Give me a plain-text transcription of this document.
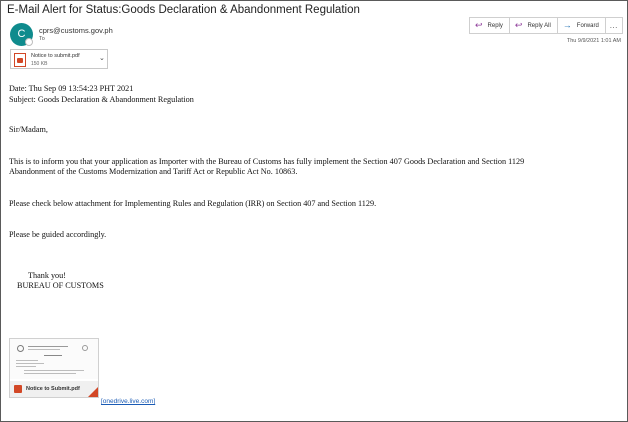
E-Mail Alert for Status:Goods Declaration & Abandonment Regulation
C	cprs@customs.gov.ph
To
↩ Reply ↩ Reply All → Forward ...
Thu 9/9/2021 1:01 AM
Notice to submit.pdf
150 KB
⌄
Date: Thu Sep 09 13:54:23 PHT 2021
Subject: Goods Declaration & Abandonment Regulation
Sir/Madam,
This is to inform you that your application as Importer with the Bureau of Customs has fully implement the Section 407 Goods Declaration and Section 1129
Abandonment of the Customs Modernization and Tariff Act or Republic Act No. 10863.
Please check below attachment for Implementing Rules and Regulation (IRR) on Section 407 and Section 1129.
Please be guided accordingly.
Thank you!
BUREAU OF CUSTOMS
Notice to Submit.pdf
[onedrive.live.com]
